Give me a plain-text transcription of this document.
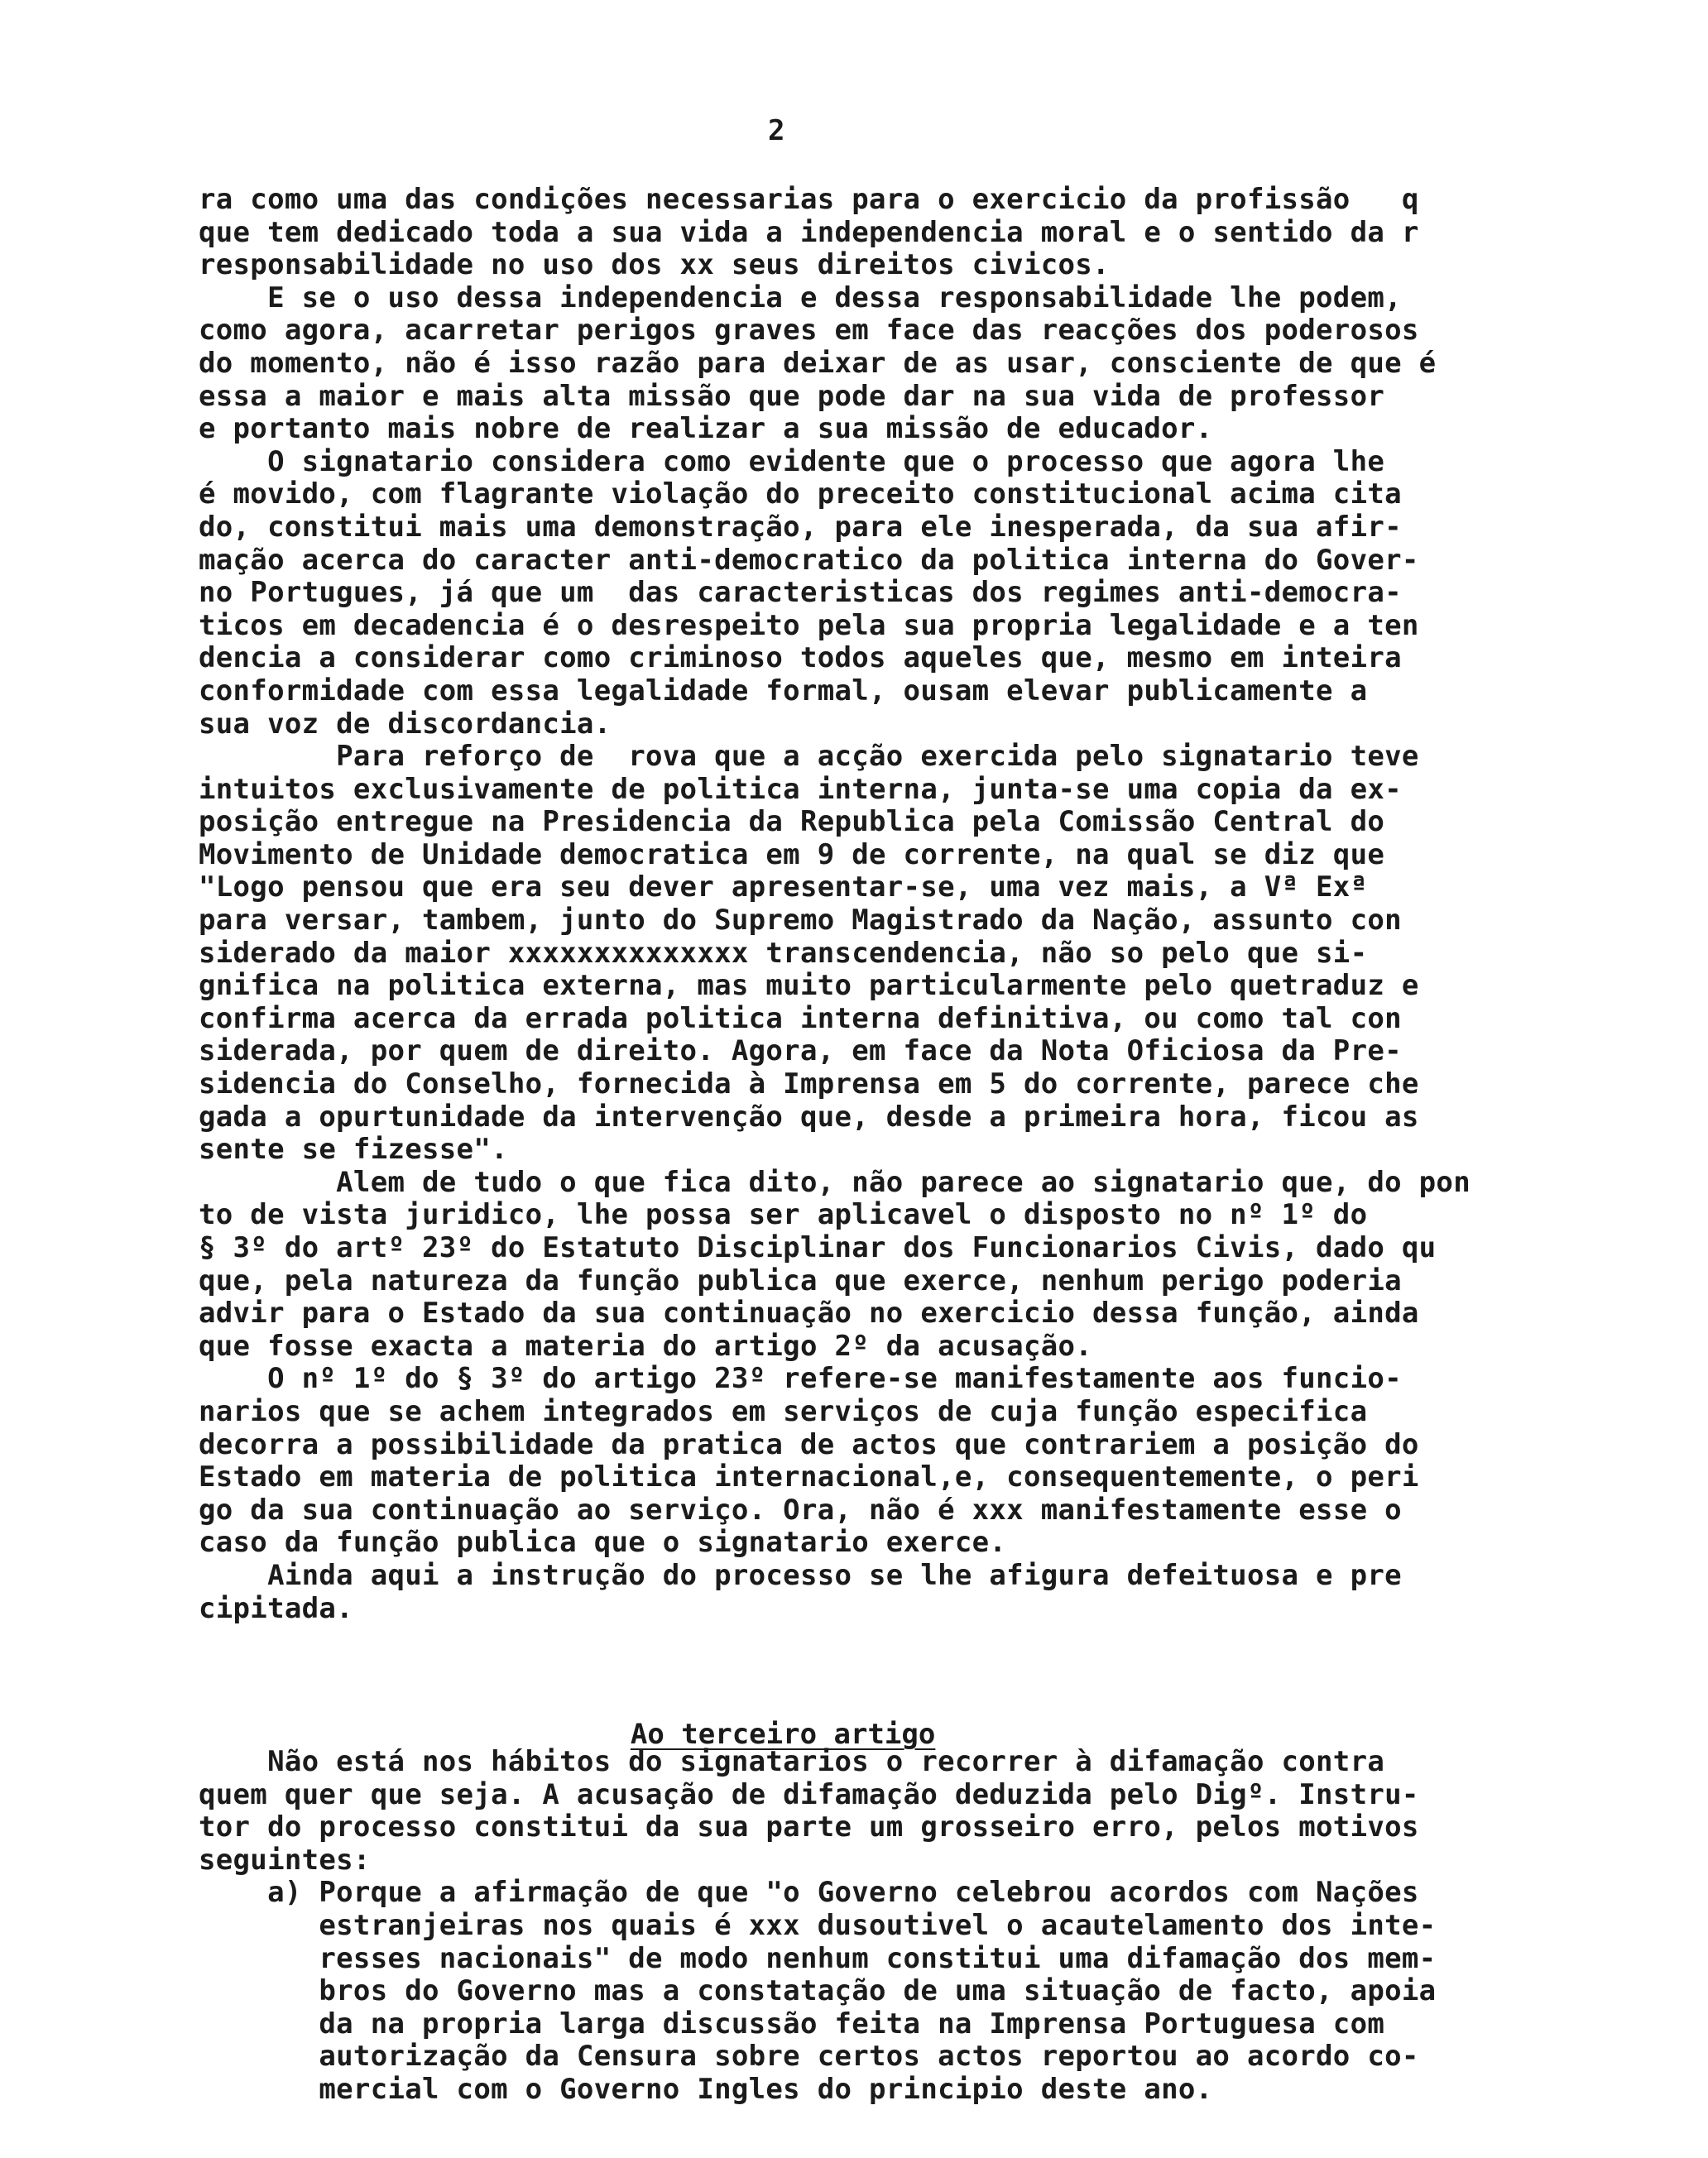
2
ra como uma das condições necessarias para o exercicio da profissão   q
que tem dedicado toda a sua vida a independencia moral e o sentido da r
responsabilidade no uso dos xx seus direitos civicos.
E se o uso dessa independencia e dessa responsabilidade lhe podem,
como agora, acarretar perigos graves em face das reacções dos poderosos
do momento, não é isso razão para deixar de as usar, consciente de que é
essa a maior e mais alta missão que pode dar na sua vida de professor
e portanto mais nobre de realizar a sua missão de educador.
O signatario considera como evidente que o processo que agora lhe
é movido, com flagrante violação do preceito constitucional acima cita
do, constitui mais uma demonstração, para ele inesperada, da sua afir-
mação acerca do caracter anti-democratico da politica interna do Gover-
no Portugues, já que um  das caracteristicas dos regimes anti-democra-
ticos em decadencia é o desrespeito pela sua propria legalidade e a ten
dencia a considerar como criminoso todos aqueles que, mesmo em inteira
conformidade com essa legalidade formal, ousam elevar publicamente a
sua voz de discordancia.
Para reforço de  rova que a acção exercida pelo signatario teve
intuitos exclusivamente de politica interna, junta-se uma copia da ex-
posição entregue na Presidencia da Republica pela Comissão Central do
Movimento de Unidade democratica em 9 de corrente, na qual se diz que
"Logo pensou que era seu dever apresentar-se, uma vez mais, a Vª Exª
para versar, tambem, junto do Supremo Magistrado da Nação, assunto con
siderado da maior xxxxxxxxxxxxxx transcendencia, não so pelo que si-
gnifica na politica externa, mas muito particularmente pelo quetraduz e
confirma acerca da errada politica interna definitiva, ou como tal con
siderada, por quem de direito. Agora, em face da Nota Oficiosa da Pre-
sidencia do Conselho, fornecida à Imprensa em 5 do corrente, parece che
gada a opurtunidade da intervenção que, desde a primeira hora, ficou as
sente se fizesse".
Alem de tudo o que fica dito, não parece ao signatario que, do pon
to de vista juridico, lhe possa ser aplicavel o disposto no nº 1º do
§ 3º do artº 23º do Estatuto Disciplinar dos Funcionarios Civis, dado qu
que, pela natureza da função publica que exerce, nenhum perigo poderia
advir para o Estado da sua continuação no exercicio dessa função, ainda
que fosse exacta a materia do artigo 2º da acusação.
O nº 1º do § 3º do artigo 23º refere-se manifestamente aos funcio-
narios que se achem integrados em serviços de cuja função especifica
decorra a possibilidade da pratica de actos que contrariem a posição do
Estado em materia de politica internacional,e, consequentemente, o peri
go da sua continuação ao serviço. Ora, não é xxx manifestamente esse o
caso da função publica que o signatario exerce.
Ainda aqui a instrução do processo se lhe afigura defeituosa e pre
cipitada.

Ao terceiro artigo

Não está nos hábitos do signatarios o recorrer à difamação contra
quem quer que seja. A acusação de difamação deduzida pelo Digº. Instru-
tor do processo constitui da sua parte um grosseiro erro, pelos motivos
seguintes:
a) Porque a afirmação de que "o Governo celebrou acordos com Nações
estranjeiras nos quais é xxx dusoutivel o acautelamento dos inte-
resses nacionais" de modo nenhum constitui uma difamação dos mem-
bros do Governo mas a constatação de uma situação de facto, apoia
da na propria larga discussão feita na Imprensa Portuguesa com
autorização da Censura sobre certos actos reportou ao acordo co-
mercial com o Governo Ingles do principio deste ano.
